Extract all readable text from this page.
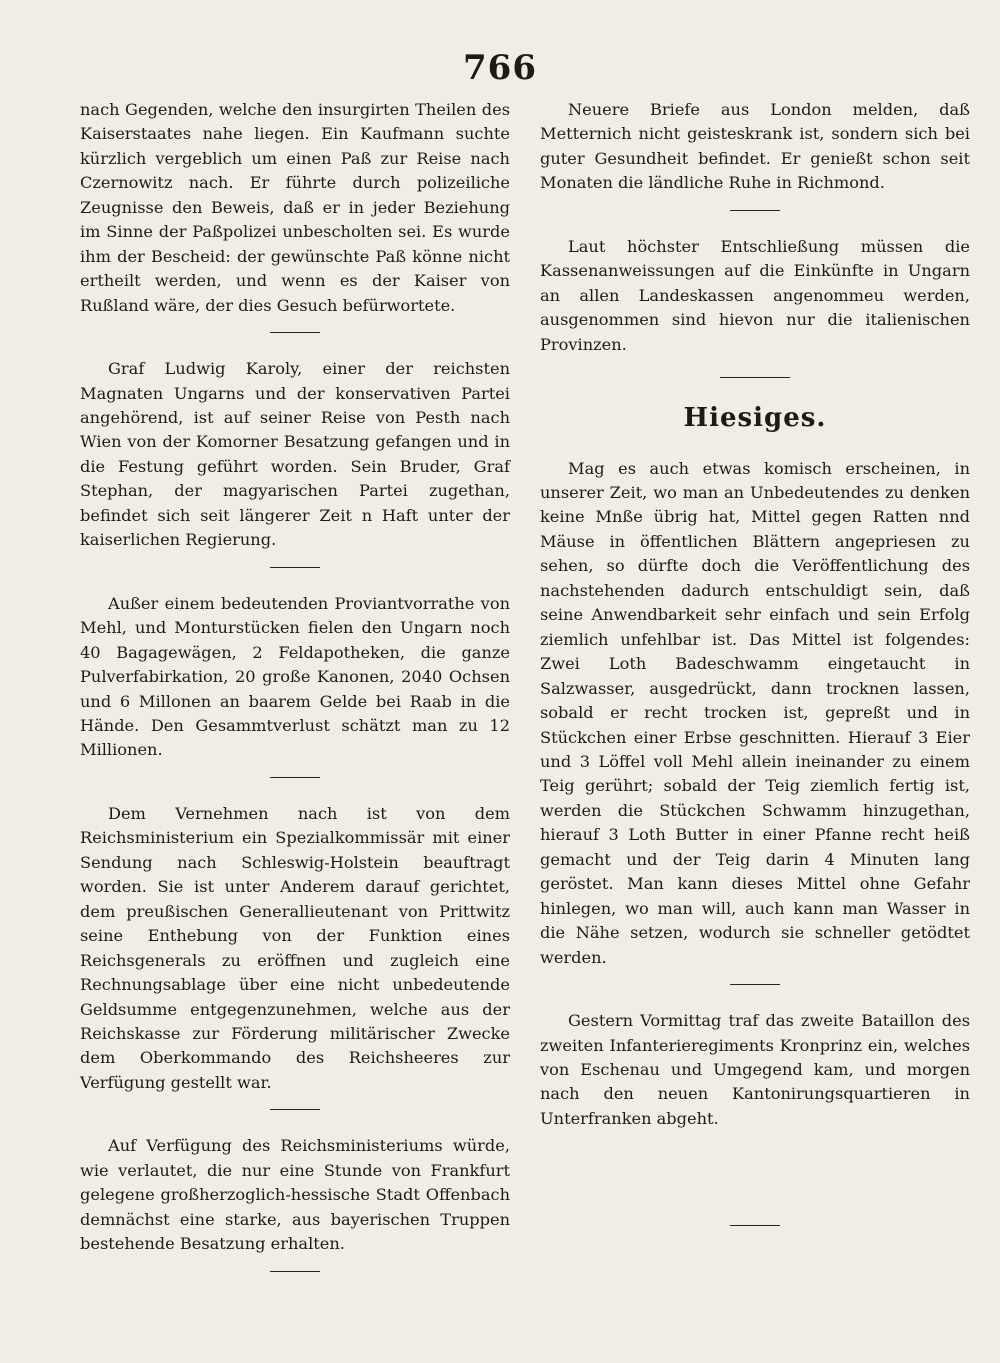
766

nach Gegenden, welche den insurgirten Theilen des Kaiserstaates nahe liegen. Ein Kaufmann suchte kürzlich vergeblich um einen Paß zur Reise nach Czernowitz nach. Er führte durch polizeiliche Zeugnisse den Beweis, daß er in jeder Beziehung im Sinne der Paßpolizei unbescholten sei. Es wurde ihm der Bescheid: der gewünschte Paß könne nicht ertheilt werden, und wenn es der Kaiser von Rußland wäre, der dies Gesuch befürwortete.

Graf Ludwig Karoly, einer der reichsten Magnaten Ungarns und der konservativen Partei angehörend, ist auf seiner Reise von Pesth nach Wien von der Komorner Besatzung gefangen und in die Festung geführt worden. Sein Bruder, Graf Stephan, der magyarischen Partei zugethan, befindet sich seit längerer Zeit n Haft unter der kaiserlichen Regierung.

Außer einem bedeutenden Proviantvorrathe von Mehl, und Monturstücken fielen den Ungarn noch 40 Bagagewägen, 2 Feldapotheken, die ganze Pulverfabirkation, 20 große Kanonen, 2040 Ochsen und 6 Millonen an baarem Gelde bei Raab in die Hände. Den Gesammtverlust schätzt man zu 12 Millionen.

Dem Vernehmen nach ist von dem Reichsministerium ein Spezialkommissär mit einer Sendung nach Schleswig-Holstein beauftragt worden. Sie ist unter Anderem darauf gerichtet, dem preußischen Generallieutenant von Prittwitz seine Enthebung von der Funktion eines Reichsgenerals zu eröffnen und zugleich eine Rechnungsablage über eine nicht unbedeutende Geldsumme entgegenzunehmen, welche aus der Reichskasse zur Förderung militärischer Zwecke dem Oberkommando des Reichsheeres zur Verfügung gestellt war.

Auf Verfügung des Reichsministeriums würde, wie verlautet, die nur eine Stunde von Frankfurt gelegene großherzoglich-hessische Stadt Offenbach demnächst eine starke, aus bayerischen Truppen bestehende Besatzung erhalten.

Neuere Briefe aus London melden, daß Metternich nicht geisteskrank ist, sondern sich bei guter Gesundheit befindet. Er genießt schon seit Monaten die ländliche Ruhe in Richmond.

Laut höchster Entschließung müssen die Kassenanweissungen auf die Einkünfte in Ungarn an allen Landeskassen angenommeu werden, ausgenommen sind hievon nur die italienischen Provinzen.

Hiesiges.

Mag es auch etwas komisch erscheinen, in unserer Zeit, wo man an Unbedeutendes zu denken keine Mnße übrig hat, Mittel gegen Ratten nnd Mäuse in öffentlichen Blättern angepriesen zu sehen, so dürfte doch die Veröffentlichung des nachstehenden dadurch entschuldigt sein, daß seine Anwendbarkeit sehr einfach und sein Erfolg ziemlich unfehlbar ist. Das Mittel ist folgendes: Zwei Loth Badeschwamm eingetaucht in Salzwasser, ausgedrückt, dann trocknen lassen, sobald er recht trocken ist, gepreßt und in Stückchen einer Erbse geschnitten. Hierauf 3 Eier und 3 Löffel voll Mehl allein ineinander zu einem Teig gerührt; sobald der Teig ziemlich fertig ist, werden die Stückchen Schwamm hinzugethan, hierauf 3 Loth Butter in einer Pfanne recht heiß gemacht und der Teig darin 4 Minuten lang geröstet. Man kann dieses Mittel ohne Gefahr hinlegen, wo man will, auch kann man Wasser in die Nähe setzen, wodurch sie schneller getödtet werden.

Gestern Vormittag traf das zweite Bataillon des zweiten Infanterieregiments Kronprinz ein, welches von Eschenau und Umgegend kam, und morgen nach den neuen Kantonirungsquartieren in Unterfranken abgeht.
